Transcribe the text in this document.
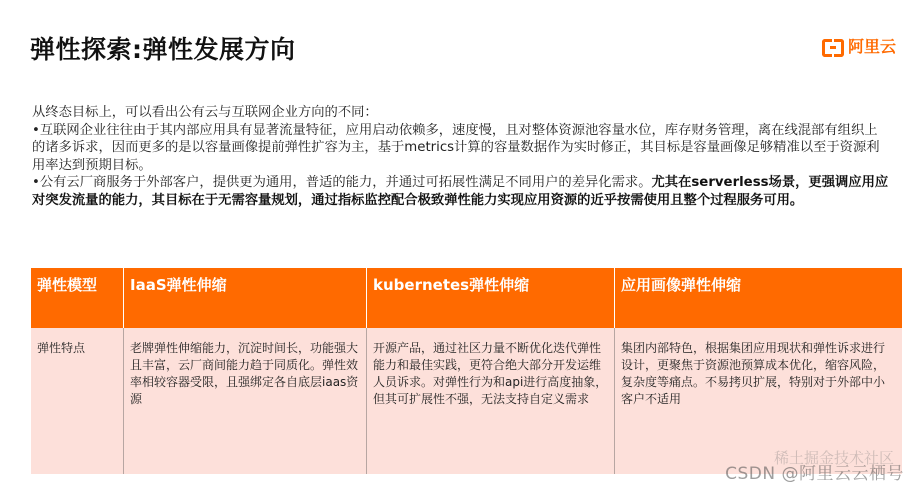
弹性探索:弹性发展方向	阿里云

从终态目标上，可以看出公有云与互联网企业方向的不同：

•互联网企业往往由于其内部应用具有显著流量特征，应用启动依赖多，速度慢，且对整体资源池容量水位，库存财务管理，离在线混部有组织上的诸多诉求，因而更多的是以容量画像提前弹性扩容为主，基于metrics计算的容量数据作为实时修正，其目标是容量画像足够精准以至于资源利用率达到预期目标。

•公有云厂商服务于外部客户，提供更为通用，普适的能力，并通过可拓展性满足不同用户的差异化需求。尤其在serverless场景，更强调应用应对突发流量的能力，其目标在于无需容量规划，通过指标监控配合极致弹性能力实现应用资源的近乎按需使用且整个过程服务可用。

弹性模型	IaaS弹性伸缩	kubernetes弹性伸缩	应用画像弹性伸缩
弹性特点	老牌弹性伸缩能力，沉淀时间长，功能强大且丰富，云厂商间能力趋于同质化。弹性效率相较容器受限，且强绑定各自底层iaas资源	开源产品，通过社区力量不断优化迭代弹性能力和最佳实践，更符合绝大部分开发运维人员诉求。对弹性行为和api进行高度抽象，但其可扩展性不强，无法支持自定义需求	集团内部特色，根据集团应用现状和弹性诉求进行设计，更聚焦于资源池预算成本优化，缩容风险，复杂度等痛点。不易拷贝扩展，特别对于外部中小客户不适用
稀土掘金技术社区
CSDN @阿里云云栖号
